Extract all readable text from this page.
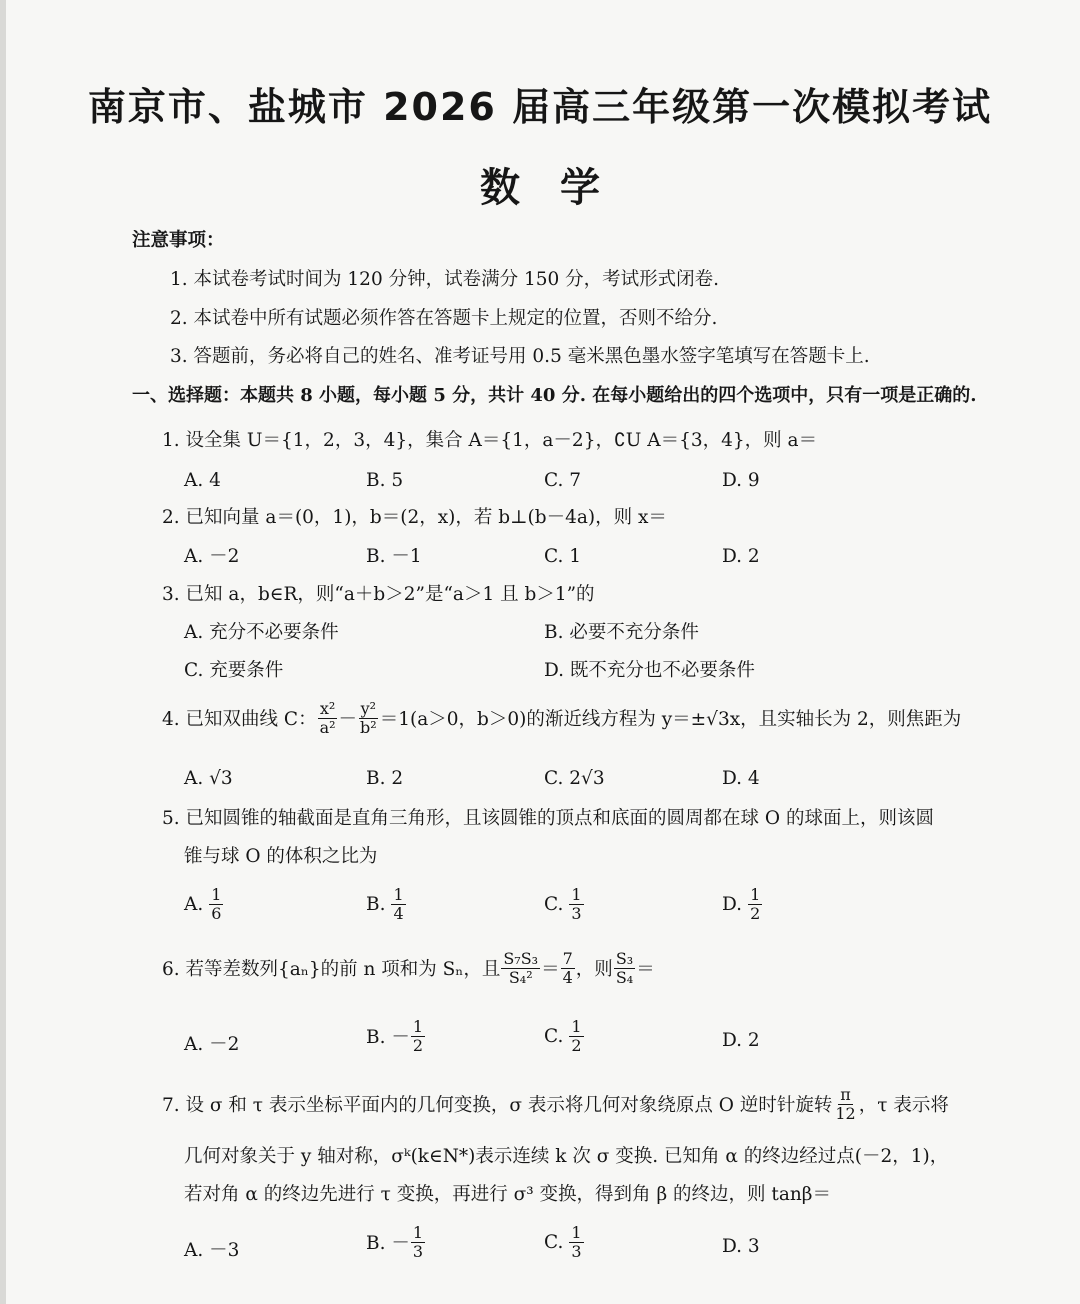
南京市、盐城市 2026 届高三年级第一次模拟考试
数　学
注意事项：
1. 本试卷考试时间为 120 分钟，试卷满分 150 分，考试形式闭卷.
2. 本试卷中所有试题必须作答在答题卡上规定的位置，否则不给分.
3. 答题前，务必将自己的姓名、准考证号用 0.5 毫米黑色墨水签字笔填写在答题卡上.
一、选择题：本题共 8 小题，每小题 5 分，共计 40 分. 在每小题给出的四个选项中，只有一项是正确的.
1. 设全集 U＝{1，2，3，4}，集合 A＝{1，a－2}，∁U A＝{3，4}，则 a＝
A. 4	B. 5	C. 7	D. 9
2. 已知向量 a＝(0，1)，b＝(2，x)，若 b⊥(b－4a)，则 x＝
A. －2	B. －1	C. 1	D. 2
3. 已知 a，b∈R，则“a＋b＞2”是“a＞1 且 b＞1”的
A. 充分不必要条件	B. 必要不充分条件
C. 充要条件	D. 既不充分也不必要条件
4. 已知双曲线 C： $\frac{\text{x²}}{\text{a²}} - \frac{\text{y²}}{\text{b²}} =1(a>0$，b＞0)的渐近线方程为 y＝±√3x，且实轴长为 2，则焦距为
A. √3	B. 2	C. 2√3	D. 4
5. 已知圆锥的轴截面是直角三角形，且该圆锥的顶点和底面的圆周都在球 O 的球面上，则该圆
锥与球 O 的体积之比为
A. $\frac{1}{6}$	B. $\frac{1}{4}$	C. $\frac{1}{3}$	D. $\frac{1}{2}$
6. 若等差数列{aₙ}的前 n 项和为 Sₙ，且 $\frac{\text{S₇S₃}}{\text{S₄²}} = \frac{7}{4}$ ，则 $\frac{\text{S₃}}{\text{S₄}}$ ＝
A. －2	B. － $\frac{1}{2}$	C. $\frac{1}{2}$	D. 2
7. 设 σ 和 τ 表示坐标平面内的几何变换，σ 表示将几何对象绕原点 O 逆时针旋转 $\frac{\pi}{12}$ ，τ 表示将
几何对象关于 y 轴对称，σᵏ(k∈N*)表示连续 k 次 σ 变换. 已知角 α 的终边经过点(－2，1)，
若对角 α 的终边先进行 τ 变换，再进行 σ³ 变换，得到角 β 的终边，则 tanβ＝
A. －3	B. － $\frac{1}{3}$	C. $\frac{1}{3}$	D. 3
